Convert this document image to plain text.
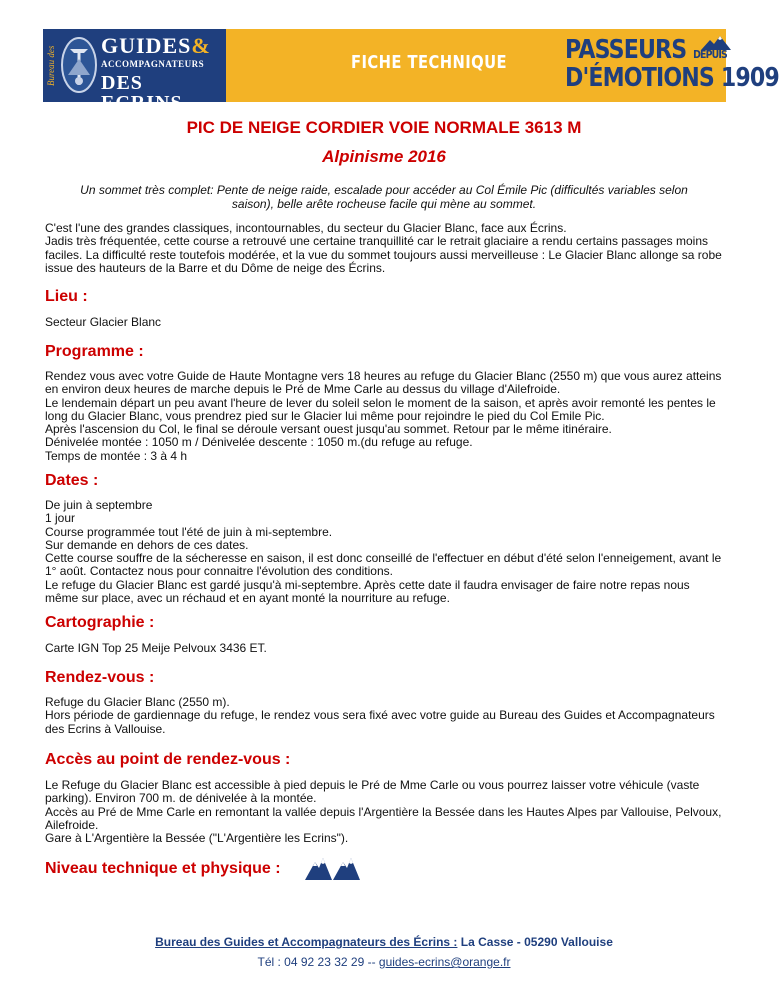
Bureau des
GUIDES&
ACCOMPAGNATEURS
DES ECRINS
FICHE TECHNIQUE PASSEURS DEPUIS
D'ÉMOTIONS 1909
PIC DE NEIGE CORDIER VOIE NORMALE 3613 M
Alpinisme 2016
Un sommet très complet: Pente de neige raide, escalade pour accéder au Col Émile Pic (difficultés variables selon saison), belle arête rocheuse facile qui mène au sommet.

C'est l'une des grandes classiques, incontournables, du secteur du Glacier Blanc, face aux Écrins.

Jadis très fréquentée, cette course a retrouvé une certaine tranquillité car le retrait glaciaire a rendu certains passages moins faciles. La difficulté reste toutefois modérée, et la vue du sommet toujours aussi merveilleuse : Le Glacier Blanc allonge sa robe issue des hauteurs de la Barre et du Dôme de neige des Écrins.

Lieu :

Secteur Glacier Blanc

Programme :

Rendez vous avec votre Guide de Haute Montagne vers 18 heures au refuge du Glacier Blanc (2550 m) que vous aurez atteins en environ deux heures de marche depuis le Pré de Mme Carle au dessus du village d'Ailefroide.

Le lendemain départ un peu avant l'heure de lever du soleil selon le moment de la saison, et après avoir remonté les pentes le long du Glacier Blanc, vous prendrez pied sur le Glacier lui même pour rejoindre le pied du Col Emile Pic.

Après l'ascension du Col, le final se déroule versant ouest jusqu'au sommet. Retour par le même itinéraire.

Dénivelée montée : 1050 m / Dénivelée descente : 1050 m.(du refuge au refuge.

Temps de montée : 3 à 4 h

Dates :

De juin à septembre

1 jour

Course programmée tout l'été de juin à mi-septembre.

Sur demande en dehors de ces dates.

Cette course souffre de la sécheresse en saison, il est donc conseillé de l'effectuer en début d'été selon l'enneigement, avant le 1° août. Contactez nous pour connaitre l'évolution des conditions.

Le refuge du Glacier Blanc est gardé jusqu'à mi-septembre. Après cette date il faudra envisager de faire notre repas nous même sur place, avec un réchaud et en ayant monté la nourriture au refuge.

Cartographie :

Carte IGN Top 25 Meije Pelvoux 3436 ET.

Rendez-vous :

Refuge du Glacier Blanc (2550 m).

Hors période de gardiennage du refuge, le rendez vous sera fixé avec votre guide au Bureau des Guides et Accompagnateurs des Ecrins à Vallouise.

Accès au point de rendez-vous :

Le Refuge du Glacier Blanc est accessible à pied depuis le Pré de Mme Carle ou vous pourrez laisser votre véhicule (vaste parking). Environ 700 m. de dénivelée à la montée.

Accès au Pré de Mme Carle en remontant la vallée depuis l'Argentière la Bessée dans les Hautes Alpes par Vallouise, Pelvoux, Ailefroide.

Gare à L'Argentière la Bessée ("L'Argentière les Ecrins").

Niveau technique et physique :
Bureau des Guides et Accompagnateurs des Écrins : La Casse - 05290 Vallouise
Tél : 04 92 23 32 29 -- guides-ecrins@orange.fr
